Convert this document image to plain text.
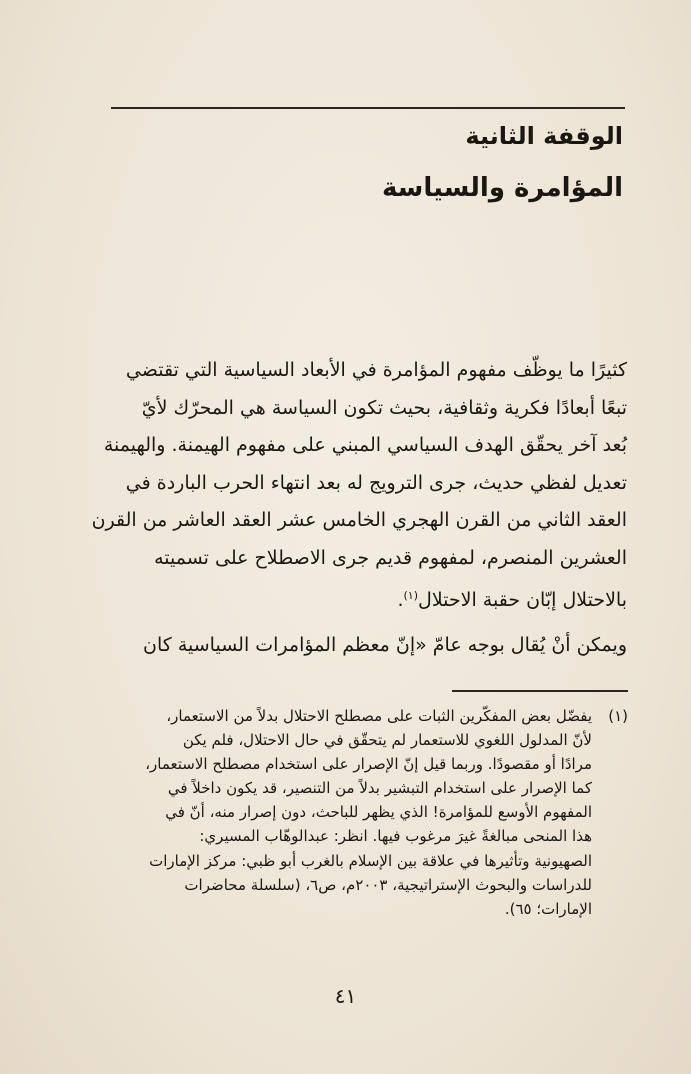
الوقفة الثانية
المؤامرة والسياسة
كثيرًا ما يوظّف مفهوم المؤامرة في الأبعاد السياسية التي تقتضي
تبعًا أبعادًا فكرية وثقافية، بحيث تكون السياسة هي المحرّك لأيّ
بُعد آخر يحقّق الهدف السياسي المبني على مفهوم الهيمنة. والهيمنة
تعديل لفظي حديث، جرى الترويج له بعد انتهاء الحرب الباردة في
العقد الثاني من القرن الهجري الخامس عشر العقد العاشر من القرن
العشرين المنصرم، لمفهوم قديم جرى الاصطلاح على تسميته
بالاحتلال إبّان حقبة الاحتلال$^{(١)}$.
ويمكن أنْ يُقال بوجه عامّ «إنّ معظم المؤامرات السياسية كان
(١)
يفضّل بعض المفكّرين الثبات على مصطلح الاحتلال بدلاً من الاستعمار،
لأنّ المدلول اللغوي للاستعمار لم يتحقّق في حال الاحتلال، فلم يكن
مرادًا أو مقصودًا. وربما قيل إنّ الإصرار على استخدام مصطلح الاستعمار،
كما الإصرار على استخدام التبشير بدلاً من التنصير، قد يكون داخلاً في
المفهوم الأوسع للمؤامرة! الذي يظهر للباحث، دون إصرار منه، أنّ في
هذا المنحى مبالغةً غيرَ مرغوب فيها. انظر: عبدالوهّاب المسيري:
الصهيونية وتأثيرها في علاقة بين الإسلام بالغرب أبو ظبي: مركز الإمارات
للدراسات والبحوث الإستراتيجية، ٢٠٠٣م، ص٦، (سلسلة محاضرات
الإمارات؛ ٦٥).
٤١
